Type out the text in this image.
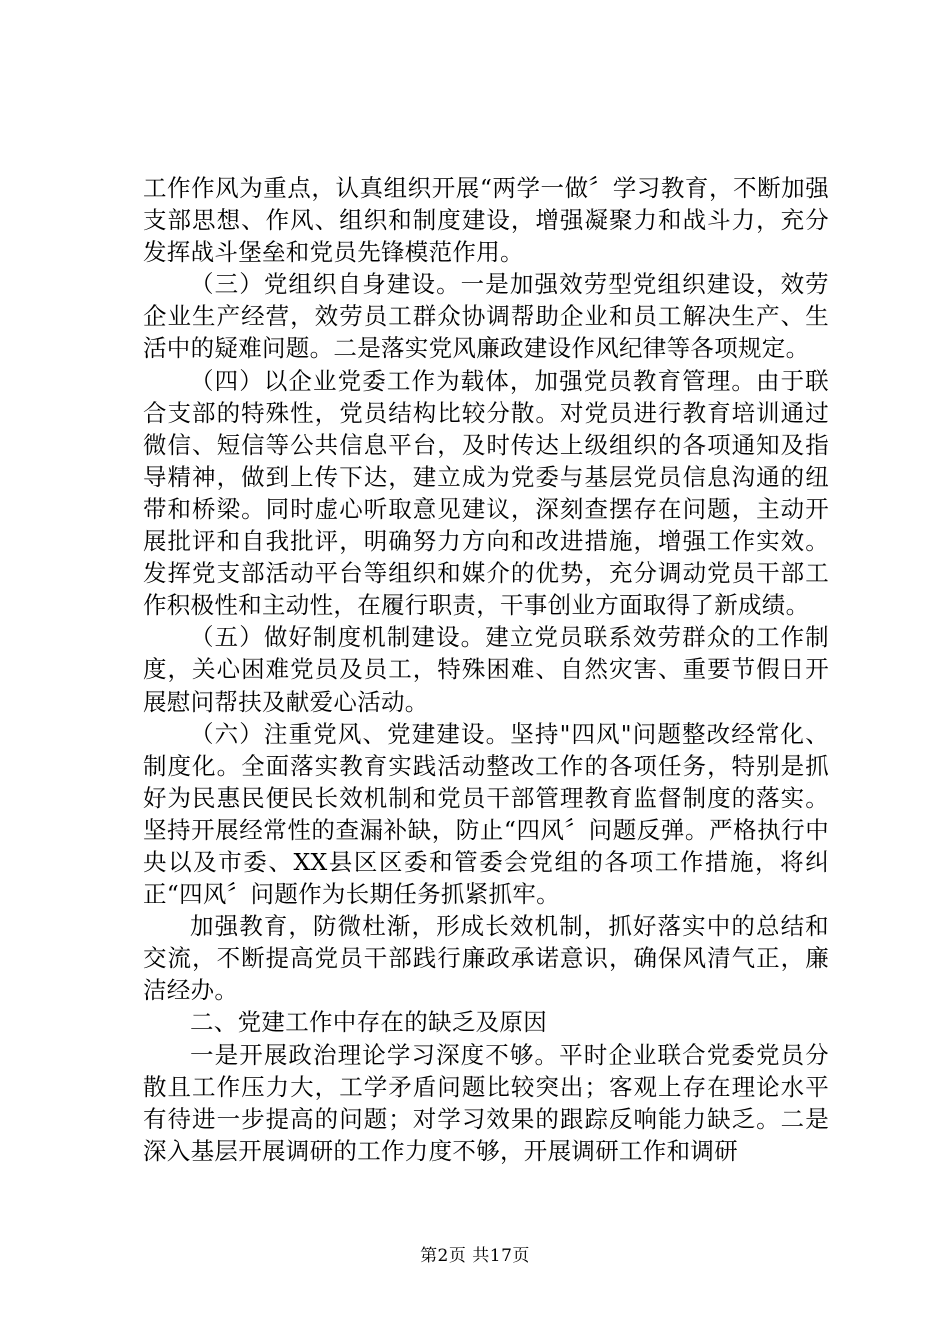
工作作风为重点，认真组织开展“两学一做〞学习教育，不断加强支部思想、作风、组织和制度建设，增强凝聚力和战斗力，充分发挥战斗堡垒和党员先锋模范作用。

（三）党组织自身建设。一是加强效劳型党组织建设，效劳企业生产经营，效劳员工群众协调帮助企业和员工解决生产、生活中的疑难问题。二是落实党风廉政建设作风纪律等各项规定。

（四）以企业党委工作为载体，加强党员教育管理。由于联合支部的特殊性，党员结构比较分散。对党员进行教育培训通过微信、短信等公共信息平台，及时传达上级组织的各项通知及指导精神，做到上传下达，建立成为党委与基层党员信息沟通的纽带和桥梁。同时虚心听取意见建议，深刻查摆存在问题，主动开展批评和自我批评，明确努力方向和改进措施，增强工作实效。发挥党支部活动平台等组织和媒介的优势，充分调动党员干部工作积极性和主动性，在履行职责，干事创业方面取得了新成绩。

（五）做好制度机制建设。建立党员联系效劳群众的工作制度，关心困难党员及员工，特殊困难、自然灾害、重要节假日开展慰问帮扶及献爱心活动。

（六）注重党风、党建建设。坚持"四风"问题整改经常化、制度化。全面落实教育实践活动整改工作的各项任务，特别是抓好为民惠民便民长效机制和党员干部管理教育监督制度的落实。坚持开展经常性的查漏补缺，防止“四风〞问题反弹。严格执行中央以及市委、XX县区区委和管委会党组的各项工作措施，将纠正“四风〞问题作为长期任务抓紧抓牢。

加强教育，防微杜渐，形成长效机制，抓好落实中的总结和交流，不断提高党员干部践行廉政承诺意识，确保风清气正，廉洁经办。

二、党建工作中存在的缺乏及原因

一是开展政治理论学习深度不够。平时企业联合党委党员分散且工作压力大，工学矛盾问题比较突出；客观上存在理论水平有待进一步提高的问题；对学习效果的跟踪反响能力缺乏。二是深入基层开展调研的工作力度不够，开展调研工作和调研

第2页 共17页
